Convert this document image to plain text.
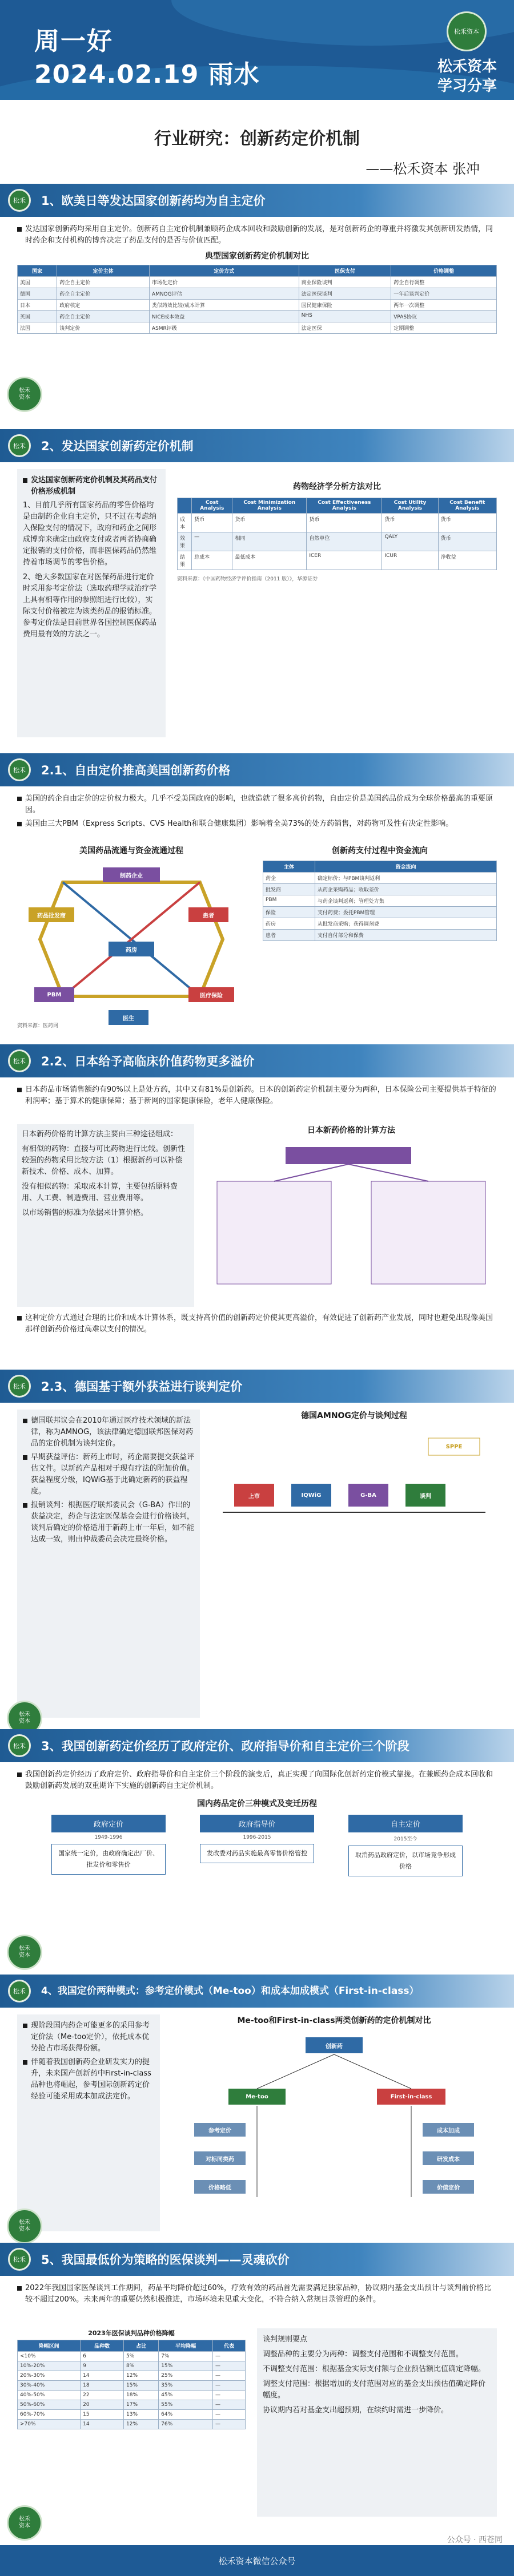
周一好
2024.02.19 雨水
松禾资本
松禾资本
学习分享
行业研究：创新药定价机制
——松禾资本 张冲
松禾	1、欧美日等发达国家创新药均为自主定价
发达国家创新药均采用自主定价。创新药自主定价机制兼顾药企成本回收和鼓励创新的发展，是对创新药企的尊重并将激发其创新研发热情，同时药企和支付机构的博弈决定了药品支付的是否与价值匹配。
典型国家创新药定价机制对比
国家	定价主体	定价方式	医保支付	价格调整
美国	药企自主定价	市场化定价	商业保险谈判	药企自行调整
德国	药企自主定价	AMNOG评估	法定医保谈判	一年后谈判定价
日本	政府核定	类似药效比较/成本计算	国民健康保险	两年一次调整
英国	药企自主定价	NICE成本效益	NHS	VPAS协议
法国	谈判定价	ASMR评级	法定医保	定期调整
松禾
资本
松禾	2、发达国家创新药定价机制
发达国家创新药定价机制及其药品支付价格形成机制
1、目前几乎所有国家药品的零售价格均是由制药企业自主定价，只不过在考虑纳入保险支付的情况下，政府和药企之间形成博弈来确定由政府支付或者两者协商确定报销的支付价格，而非医保药品仍然维持着市场调节的零售价格。
2、绝大多数国家在对医保药品进行定价时采用参考定价法（选取药理学或治疗学上具有相等作用的参照组进行比较），实际支付价格被定为该类药品的报销标准。参考定价法是目前世界各国控制医保药品费用最有效的方法之一。
药物经济学分析方法对比
	Cost Analysis	Cost Minimization Analysis	Cost Effectiveness Analysis	Cost Utility Analysis	Cost Benefit Analysis
成本	货币	货币	货币	货币	货币
效果	—	相同	自然单位	QALY	货币
结果	总成本	最低成本	ICER	ICUR	净收益
资料来源：《中国药物经济学评价指南（2011 版）》，华源证券
松禾	2.1、自由定价推高美国创新药价格
美国的药企自由定价的定价权力极大。几乎不受美国政府的影响，也就造就了很多高价药物，自由定价是美国药品价成为全球价格最高的重要原因。
美国由三大PBM（Express Scripts、CVS Health和联合健康集团）影响着全美73%的处方药销售，对药物可及性有决定性影响。
美国药品流通与资金流通过程
制药企业
药品批发商
药房
PBM	医疗保险
患者
医生
资料来源：医药网
创新药支付过程中资金流向
主体	资金流向
药企	确定标价；与PBM谈判返利
批发商	从药企采购药品；收取差价
PBM	与药企谈判返利；管理处方集
保险	支付药费；委托PBM管理
药房	从批发商采购；获得调剂费
患者	支付自付部分和保费
松禾	2.2、日本给予高临床价值药物更多溢价
日本药品市场销售额约有90%以上是处方药，其中又有81%是创新药。日本的创新药定价机制主要分为两种，日本保险公司主要提供基于特征的利润率；基于算术的健康保障；基于新网的国家健康保险，老年人健康保险。
日本新药价格的计算方法主要由三种途径组成：
有相似的药物：直接与可比药物进行比较。创新性较强的药物采用比较方法（1）根据新药可以补偿新技术、价格、成本、加算。
没有相似药物：采取成本计算，主要包括原料费用、人工费、制造费用、营业费用等。
以市场销售的标准为依据来计算价格。
日本新药价格的计算方法
这种定价方式通过合理的比价和成本计算体系，既支持高价值的创新药定价使其更高溢价，有效促进了创新药产业发展，同时也避免出现像美国那样创新药价格过高难以支付的情况。
松禾	2.3、德国基于额外获益进行谈判定价
德国联邦议会在2010年通过医疗技术领域的新法律，称为AMNOG，该法律确定德国联邦医保对药品的定价机制为谈判定价。
早期获益评估：新药上市时，药企需要提交获益评估文件。以新药产品相对于现有疗法的附加价值。获益程度分级，IQWiG基于此确定新药的获益程度。
报销谈判：根据医疗联邦委员会（G-BA）作出的获益决定，药企与法定医保基金会进行价格谈判，谈判后确定的价格适用于新药上市一年后，如不能达成一致，则由仲裁委员会决定最终价格。
德国AMNOG定价与谈判过程
上市	IQWiG	G-BA	谈判
SPPE
松禾
资本
松禾	3、我国创新药定价经历了政府定价、政府指导价和自主定价三个阶段
我国创新药定价经历了政府定价、政府指导价和自主定价三个阶段的演变后，真正实现了向国际化创新药定价模式靠拢。在兼顾药企成本回收和鼓励创新药发展的双重期许下实施的创新药自主定价机制。
国内药品定价三种模式及变迁历程
政府定价
1949-1996
国家统一定价，由政府确定出厂价、批发价和零售价
政府指导价
1996-2015
发改委对药品实施最高零售价格管控
自主定价
2015至今
取消药品政府定价，以市场竞争形成价格
松禾
资本
松禾	4、我国定价两种模式：参考定价模式（Me-too）和成本加成模式（First-in-class）
现阶段国内药企可能更多的采用参考定价法（Me-too定价），依托成本优势抢占市场获得份额。
伴随着我国创新药企业研发实力的提升，未来国产创新药中First-in-class品种也将崛起，参考国际创新药定价经验可能采用成本加成法定价。
Me-too和First-in-class两类创新药的定价机制对比
创新药
Me-too	First-in-class
参考定价
对标同类药
价格略低
成本加成
研发成本
价值定价
松禾
资本
松禾	5、我国最低价为策略的医保谈判——灵魂砍价
2022年我国国家医保谈判工作期间，药品平均降价超过60%，疗效有效的药品首先需要满足独家品种，协议期内基金支出预计与谈判前价格比较不超过200%。未来两年的重要仍然积极推进，市场环境未见重大变化，不符合纳入常规目录管理的条件。
2023年医保谈判品种价格降幅
降幅区间	品种数	占比	平均降幅	代表
<10%	6	5%	7%	—
10%-20%	9	8%	15%	—
20%-30%	14	12%	25%	—
30%-40%	18	15%	35%	—
40%-50%	22	18%	45%	—
50%-60%	20	17%	55%	—
60%-70%	15	13%	64%	—
>70%	14	12%	76%	—
谈判规则要点
调整品种的主要分为两种：调整支付范围和不调整支付范围。
不调整支付范围：根据基金实际支付额与企业预估额比值确定降幅。
调整支付范围：根据增加的支付范围对应的基金支出预估值确定降价幅度。
协议期内若对基金支出超预期，在续约时需进一步降价。
公众号 · 西苍同
松禾资本微信公众号
松禾
资本
